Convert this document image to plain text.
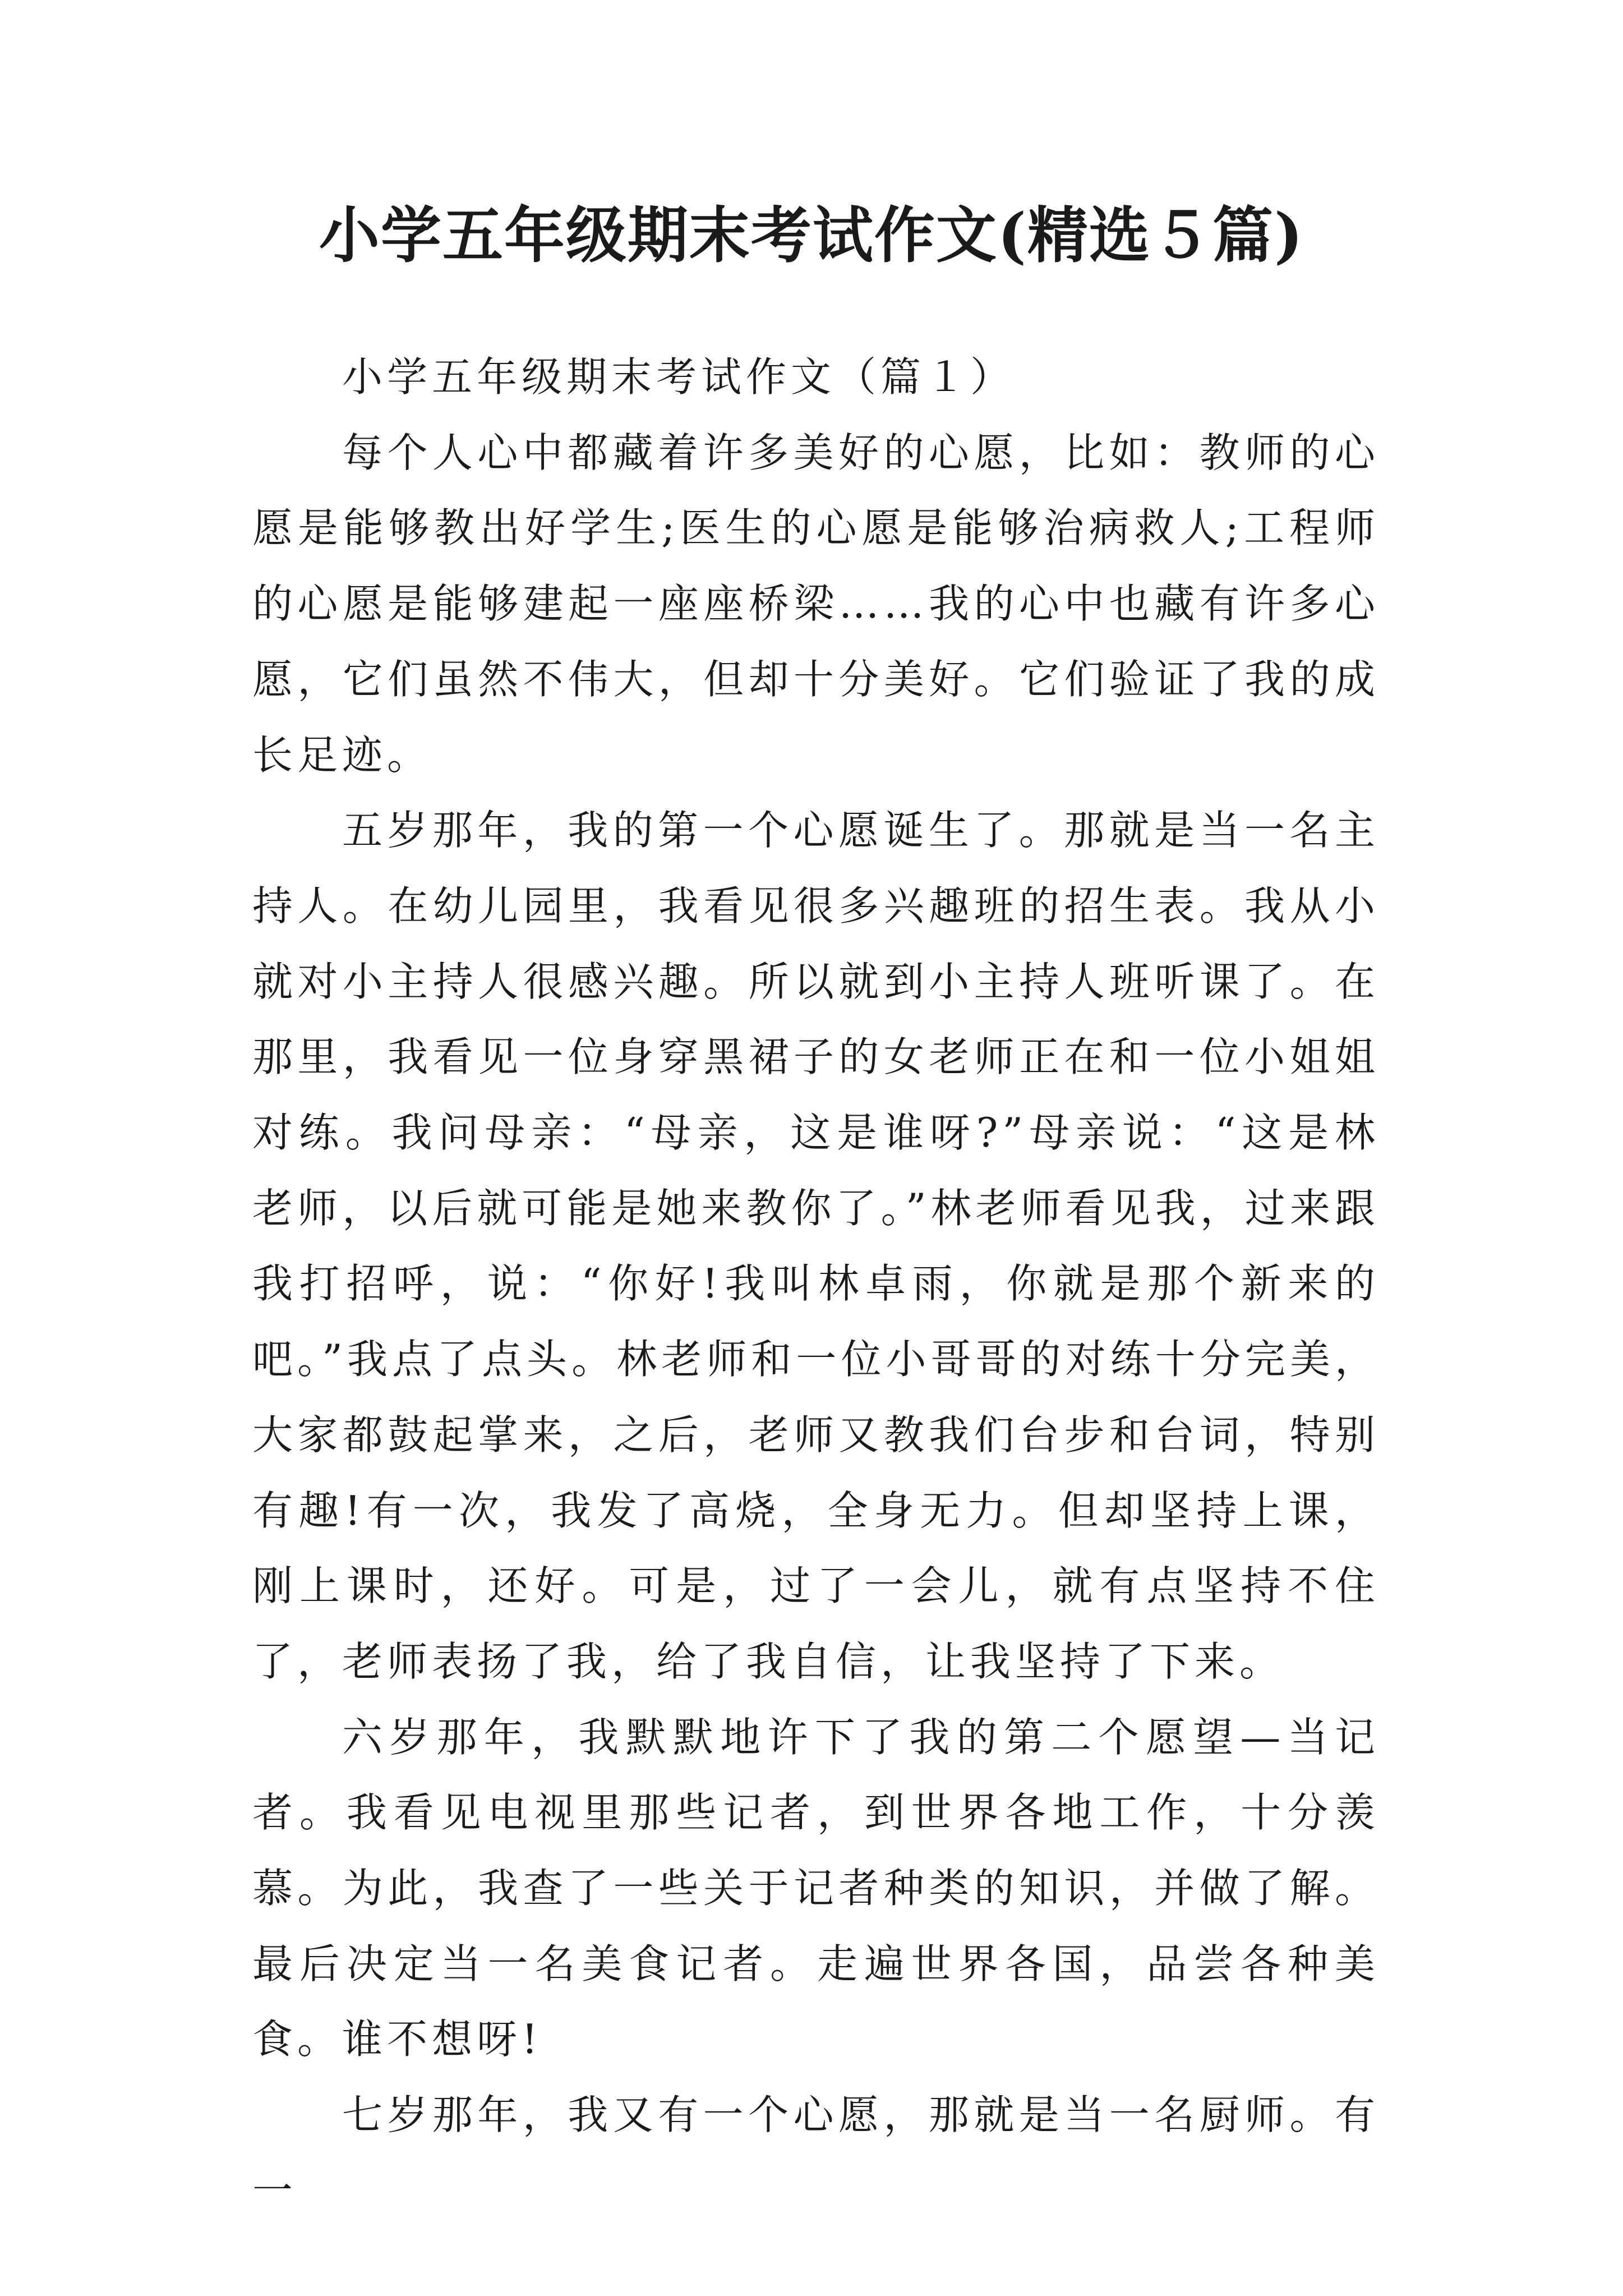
小学五年级期末考试作文(精选５篇)

小学五年级期末考试作文（篇１）

每个人心中都藏着许多美好的心愿，比如：教师的心愿是能够教出好学生;医生的心愿是能够治病救人;工程师的心愿是能够建起一座座桥梁……我的心中也藏有许多心愿，它们虽然不伟大，但却十分美好。它们验证了我的成长足迹。

五岁那年，我的第一个心愿诞生了。那就是当一名主持人。在幼儿园里，我看见很多兴趣班的招生表。我从小就对小主持人很感兴趣。所以就到小主持人班听课了。在那里，我看见一位身穿黑裙子的女老师正在和一位小姐姐对练。我问母亲：“母亲，这是谁呀?”母亲说：“这是林老师，以后就可能是她来教你了。”林老师看见我，过来跟我打招呼，说：“你好!我叫林卓雨，你就是那个新来的吧。”我点了点头。林老师和一位小哥哥的对练十分完美，大家都鼓起掌来，之后，老师又教我们台步和台词，特别有趣!有一次，我发了高烧，全身无力。但却坚持上课，刚上课时，还好。可是，过了一会儿，就有点坚持不住了，老师表扬了我，给了我自信，让我坚持了下来。

六岁那年，我默默地许下了我的第二个愿望—当记者。我看见电视里那些记者，到世界各地工作，十分羡慕。为此，我查了一些关于记者种类的知识，并做了解。最后决定当一名美食记者。走遍世界各国，品尝各种美食。谁不想呀!

七岁那年，我又有一个心愿，那就是当一名厨师。有一
